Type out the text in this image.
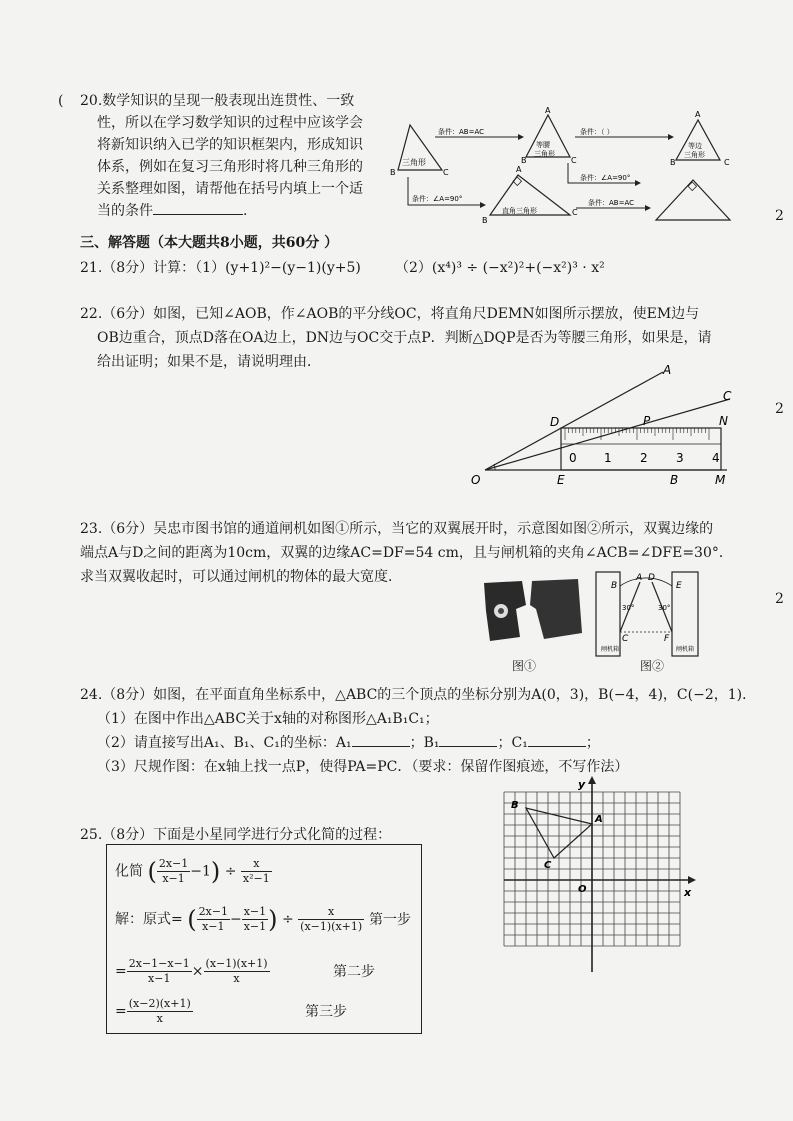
( 20.数学知识的呈现一般表现出连贯性、一致
性，所以在学习数学知识的过程中应该学会
将新知识纳入已学的知识框架内，形成知识
体系，例如在复习三角形时将几种三角形的
关系整理如图，请帮他在括号内填上一个适
当的条件	.
三角形
B	C
条件：AB=AC
A
等腰
三角形
B	C
条件：（ ）
A
等边
三角形
B	C
条件：∠A=90°
条件：∠A=90°
A
直角三角形
B
C
条件：AB=AC
三、解答题（本大题共8小题，共60分 ）
21.（8分）计算：（1）(y+1)²−(y−1)(y+5) （2）(x⁴)³ ÷ (−x²)²+(−x²)³ · x²
22.（6分）如图，已知∠AOB，作∠AOB的平分线OC，将直角尺DEMN如图所示摆放，使EM边与
OB边重合，顶点D落在OA边上，DN边与OC交于点P．判断△DQP是否为等腰三角形，如果是，请
给出证明；如果不是，请说明理由．
0 1 2 3 4
A
C
D	P	N
O	E	B	M
23.（6分）吴忠市图书馆的通道闸机如图①所示，当它的双翼展开时，示意图如图②所示，双翼边缘的
端点A与D之间的距离为10cm，双翼的边缘AC=DF=54 cm，且与闸机箱的夹角∠ACB=∠DFE=30°．
求当双翼收起时，可以通过闸机的物体的最大宽度．
图①
A D
B	E
C	F
30°	30°
闸机箱	闸机箱
图②
24.（8分）如图，在平面直角坐标系中，△ABC的三个顶点的坐标分别为A(0，3)，B(−4，4)，C(−2，1)．
（1）在图中作出△ABC关于x轴的对称图形△A₁B₁C₁；
（2）请直接写出A₁、B₁、C₁的坐标：A₁	；B₁	；C₁	；
（3）尺规作图：在x轴上找一点P，使得PA=PC．（要求：保留作图痕迹，不写作法）
x
y
O
A
B
C
25.（8分）下面是小星同学进行分式化简的过程：
化简 ( $\frac{2x-1}{x-1} -1) \div \frac{x}{\text{x²−1}}$
解：原式= ( $\frac{2x-1}{x-1} - \frac{x-1}{x-1}$ ) ÷ $\frac{x}{(x-1)(x+1)}$ 第一步
= $\frac{2x-1-x-1}{x-1} \times \frac{(x-1)(x+1)}{x}$	第二步
= $\frac{(x-2)(x+1)}{x}$	第三步
2
2
2
